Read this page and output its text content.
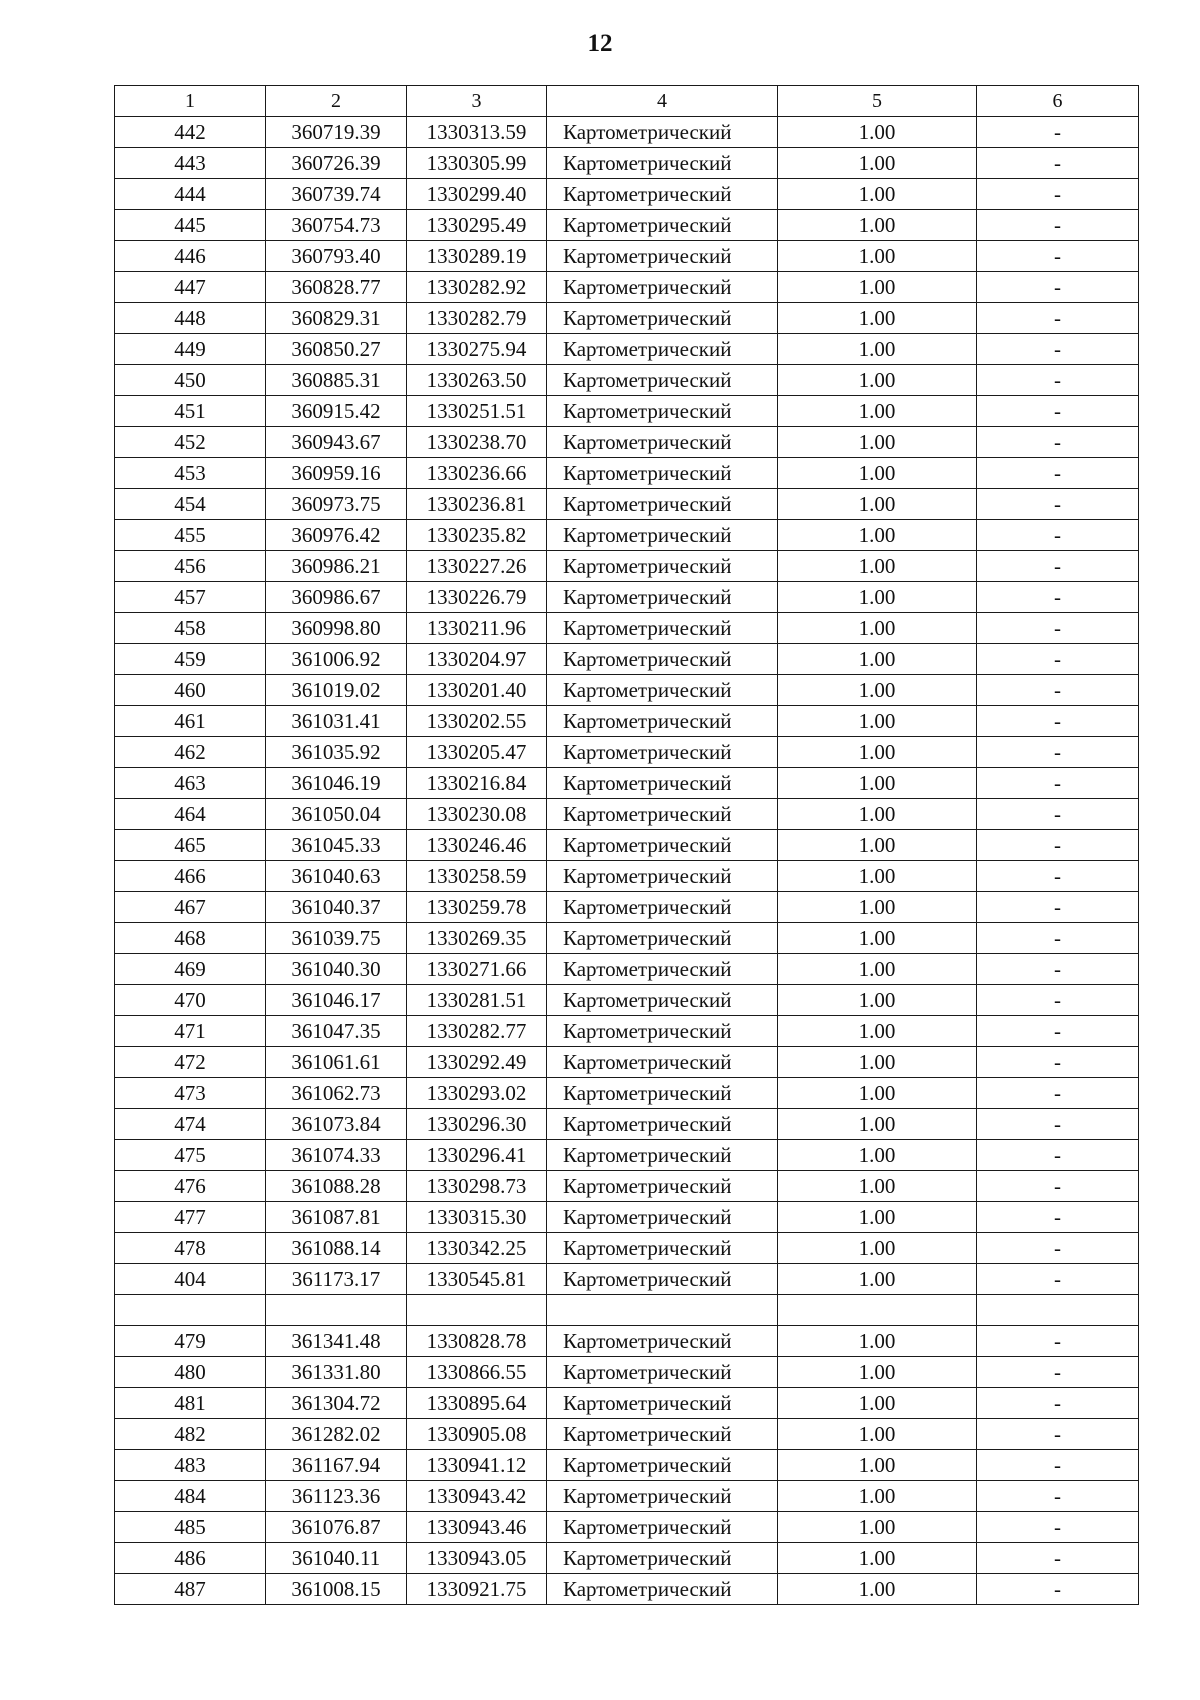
12
1	2	3	4	5	6
442	360719.39	1330313.59	Картометрический	1.00	-
443	360726.39	1330305.99	Картометрический	1.00	-
444	360739.74	1330299.40	Картометрический	1.00	-
445	360754.73	1330295.49	Картометрический	1.00	-
446	360793.40	1330289.19	Картометрический	1.00	-
447	360828.77	1330282.92	Картометрический	1.00	-
448	360829.31	1330282.79	Картометрический	1.00	-
449	360850.27	1330275.94	Картометрический	1.00	-
450	360885.31	1330263.50	Картометрический	1.00	-
451	360915.42	1330251.51	Картометрический	1.00	-
452	360943.67	1330238.70	Картометрический	1.00	-
453	360959.16	1330236.66	Картометрический	1.00	-
454	360973.75	1330236.81	Картометрический	1.00	-
455	360976.42	1330235.82	Картометрический	1.00	-
456	360986.21	1330227.26	Картометрический	1.00	-
457	360986.67	1330226.79	Картометрический	1.00	-
458	360998.80	1330211.96	Картометрический	1.00	-
459	361006.92	1330204.97	Картометрический	1.00	-
460	361019.02	1330201.40	Картометрический	1.00	-
461	361031.41	1330202.55	Картометрический	1.00	-
462	361035.92	1330205.47	Картометрический	1.00	-
463	361046.19	1330216.84	Картометрический	1.00	-
464	361050.04	1330230.08	Картометрический	1.00	-
465	361045.33	1330246.46	Картометрический	1.00	-
466	361040.63	1330258.59	Картометрический	1.00	-
467	361040.37	1330259.78	Картометрический	1.00	-
468	361039.75	1330269.35	Картометрический	1.00	-
469	361040.30	1330271.66	Картометрический	1.00	-
470	361046.17	1330281.51	Картометрический	1.00	-
471	361047.35	1330282.77	Картометрический	1.00	-
472	361061.61	1330292.49	Картометрический	1.00	-
473	361062.73	1330293.02	Картометрический	1.00	-
474	361073.84	1330296.30	Картометрический	1.00	-
475	361074.33	1330296.41	Картометрический	1.00	-
476	361088.28	1330298.73	Картометрический	1.00	-
477	361087.81	1330315.30	Картометрический	1.00	-
478	361088.14	1330342.25	Картометрический	1.00	-
404	361173.17	1330545.81	Картометрический	1.00	-

479	361341.48	1330828.78	Картометрический	1.00	-
480	361331.80	1330866.55	Картометрический	1.00	-
481	361304.72	1330895.64	Картометрический	1.00	-
482	361282.02	1330905.08	Картометрический	1.00	-
483	361167.94	1330941.12	Картометрический	1.00	-
484	361123.36	1330943.42	Картометрический	1.00	-
485	361076.87	1330943.46	Картометрический	1.00	-
486	361040.11	1330943.05	Картометрический	1.00	-
487	361008.15	1330921.75	Картометрический	1.00	-
